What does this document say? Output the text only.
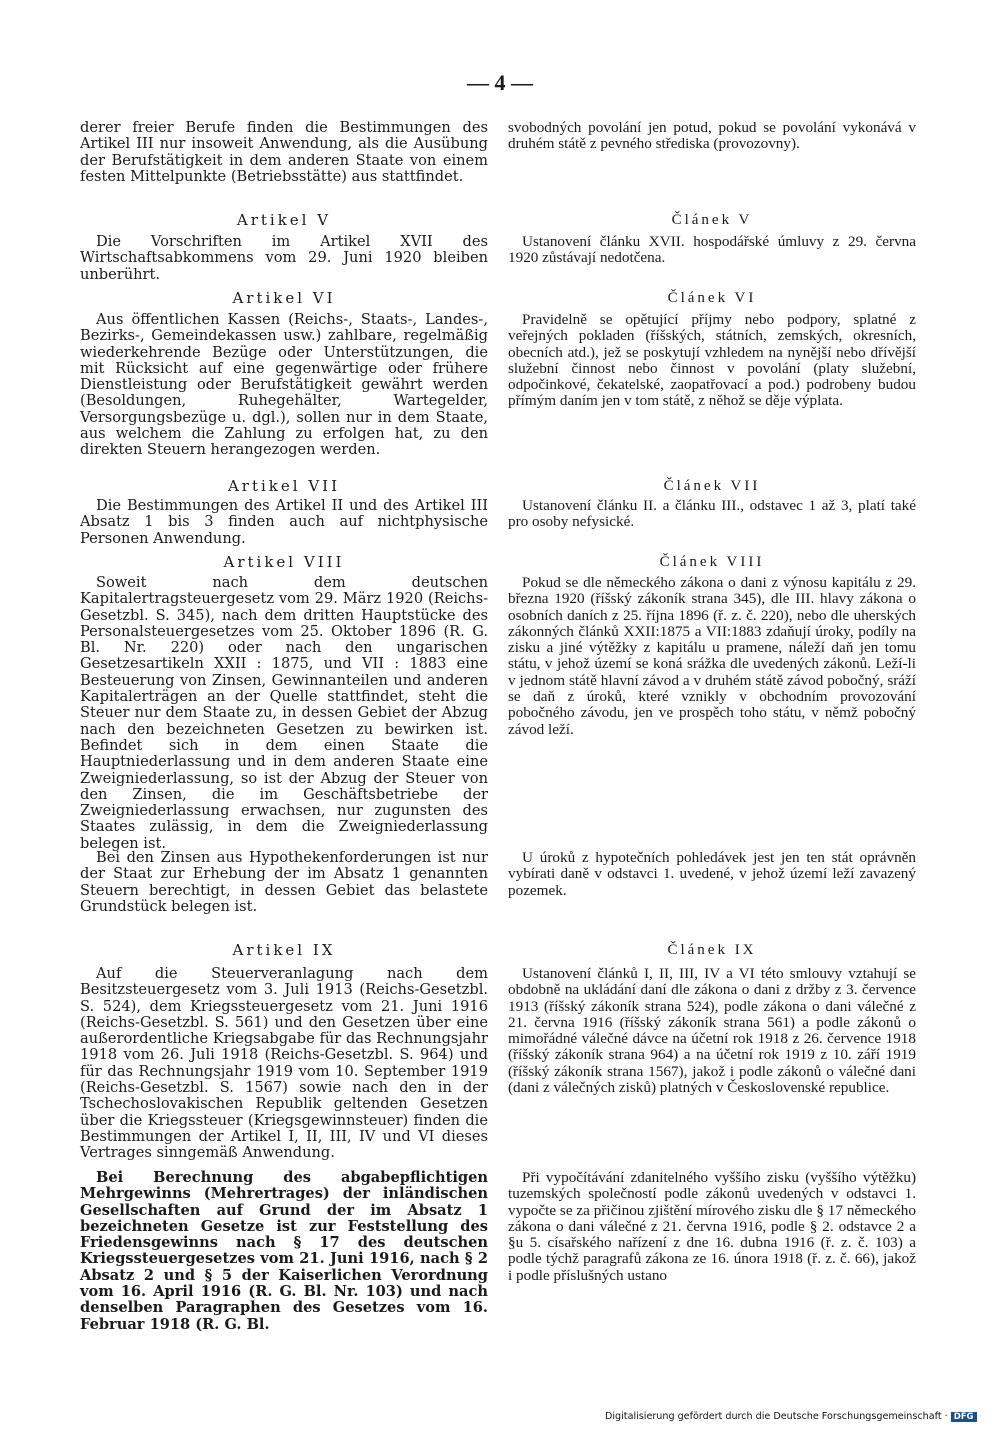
— 4 —

derer freier Berufe finden die Bestimmungen des Artikel III nur insoweit Anwendung, als die Ausübung der Berufstätigkeit in dem anderen Staate von einem festen Mittelpunkte (Betriebsstätte) aus stattfindet.

Artikel V

Die Vorschriften im Artikel XVII des Wirtschaftsabkommens vom 29. Juni 1920 bleiben unberührt.

Artikel VI

Aus öffentlichen Kassen (Reichs-, Staats-, Landes-, Bezirks-, Gemeindekassen usw.) zahlbare, regelmäßig wiederkehrende Bezüge oder Unterstützungen, die mit Rücksicht auf eine gegenwärtige oder frühere Dienstleistung oder Berufstätigkeit gewährt werden (Besoldungen, Ruhegehälter, Wartegelder, Versorgungsbezüge u. dgl.), sollen nur in dem Staate, aus welchem die Zahlung zu erfolgen hat, zu den direkten Steuern herangezogen werden.

Artikel VII

Die Bestimmungen des Artikel II und des Artikel III Absatz 1 bis 3 finden auch auf nichtphysische Personen Anwendung.

Artikel VIII

Soweit nach dem deutschen Kapitalertragsteuergesetz vom 29. März 1920 (Reichs-Gesetzbl. S. 345), nach dem dritten Hauptstücke des Personalsteuergesetzes vom 25. Oktober 1896 (R. G. Bl. Nr. 220) oder nach den ungarischen Gesetzesartikeln XXII : 1875, und VII : 1883 eine Besteuerung von Zinsen, Gewinnanteilen und anderen Kapitalerträgen an der Quelle stattfindet, steht die Steuer nur dem Staate zu, in dessen Gebiet der Abzug nach den bezeichneten Gesetzen zu bewirken ist. Befindet sich in dem einen Staate die Hauptniederlassung und in dem anderen Staate eine Zweigniederlassung, so ist der Abzug der Steuer von den Zinsen, die im Geschäftsbetriebe der Zweigniederlassung erwachsen, nur zugunsten des Staates zulässig, in dem die Zweigniederlassung belegen ist.

Bei den Zinsen aus Hypothekenforderungen ist nur der Staat zur Erhebung der im Absatz 1 genannten Steuern berechtigt, in dessen Gebiet das belastete Grundstück belegen ist.

Artikel IX

Auf die Steuerveranlagung nach dem Besitzsteuergesetz vom 3. Juli 1913 (Reichs-Gesetzbl. S. 524), dem Kriegssteuergesetz vom 21. Juni 1916 (Reichs-Gesetzbl. S. 561) und den Gesetzen über eine außerordentliche Kriegsabgabe für das Rechnungsjahr 1918 vom 26. Juli 1918 (Reichs-Gesetzbl. S. 964) und für das Rechnungsjahr 1919 vom 10. September 1919 (Reichs-Gesetzbl. S. 1567) sowie nach den in der Tschechoslovakischen Republik geltenden Gesetzen über die Kriegssteuer (Kriegsgewinnsteuer) finden die Bestimmungen der Artikel I, II, III, IV und VI dieses Vertrages sinngemäß Anwendung.

Bei Berechnung des abgabepflichtigen Mehrgewinns (Mehrertrages) der inländischen Gesellschaften auf Grund der im Absatz 1 bezeichneten Gesetze ist zur Feststellung des Friedensgewinns nach § 17 des deutschen Kriegssteuergesetzes vom 21. Juni 1916, nach § 2 Absatz 2 und § 5 der Kaiserlichen Verordnung vom 16. April 1916 (R. G. Bl. Nr. 103) und nach denselben Paragraphen des Gesetzes vom 16. Februar 1918 (R. G. Bl.

svobodných povolání jen potud, pokud se povolání vykonává v druhém státě z pevného střediska (provozovny).

Článek V

Ustanovení článku XVII. hospodářské úmluvy z 29. června 1920 zůstávají nedotčena.

Článek VI

Pravidelně se opětující příjmy nebo podpory, splatné z veřejných pokladen (říšských, státních, zemských, okresních, obecních atd.), jež se poskytují vzhledem na nynější nebo dřívější služební činnost nebo činnost v povolání (platy služební, odpočinkové, čekatelské, zaopatřovací a pod.) podrobeny budou přímým daním jen v tom státě, z něhož se děje výplata.

Článek VII

Ustanovení článku II. a článku III., odstavec 1 až 3, platí také pro osoby nefysické.

Článek VIII

Pokud se dle německého zákona o dani z výnosu kapitálu z 29. března 1920 (říšský zákoník strana 345), dle III. hlavy zákona o osobních daních z 25. října 1896 (ř. z. č. 220), nebo dle uherských zákonných článků XXII:1875 a VII:1883 zdaňují úroky, podíly na zisku a jiné výtěžky z kapitálu u pramene, náleží daň jen tomu státu, v jehož území se koná srážka dle uvedených zákonů. Leží-li v jednom státě hlavní závod a v druhém státě závod pobočný, sráží se daň z úroků, které vznikly v obchodním provozování pobočného závodu, jen ve prospěch toho státu, v němž pobočný závod leží.

U úroků z hypotečních pohledávek jest jen ten stát oprávněn vybírati daně v odstavci 1. uvedené, v jehož území leží zavazený pozemek.

Článek IX

Ustanovení článků I, II, III, IV a VI této smlouvy vztahují se obdobně na ukládání daní dle zákona o dani z držby z 3. července 1913 (říšský zákoník strana 524), podle zákona o dani válečné z 21. června 1916 (říšský zákoník strana 561) a podle zákonů o mimořádné válečné dávce na účetní rok 1918 z 26. července 1918 (říšský zákoník strana 964) a na účetní rok 1919 z 10. září 1919 (říšský zákoník strana 1567), jakož i podle zákonů o válečné dani (dani z válečných zisků) platných v Československé republice.

Při vypočítávání zdanitelného vyššího zisku (vyššího výtěžku) tuzemských společností podle zákonů uvedených v odstavci 1. vypočte se za přičinou zjištění mírového zisku dle § 17 německého zákona o dani válečné z 21. června 1916, podle § 2. odstavce 2 a §u 5. císařského nařízení z dne 16. dubna 1916 (ř. z. č. 103) a podle týchž paragrafů zákona ze 16. února 1918 (ř. z. č. 66), jakož i podle příslušných ustano

Digitalisierung gefördert durch die Deutsche Forschungsgemeinschaft · DFG
